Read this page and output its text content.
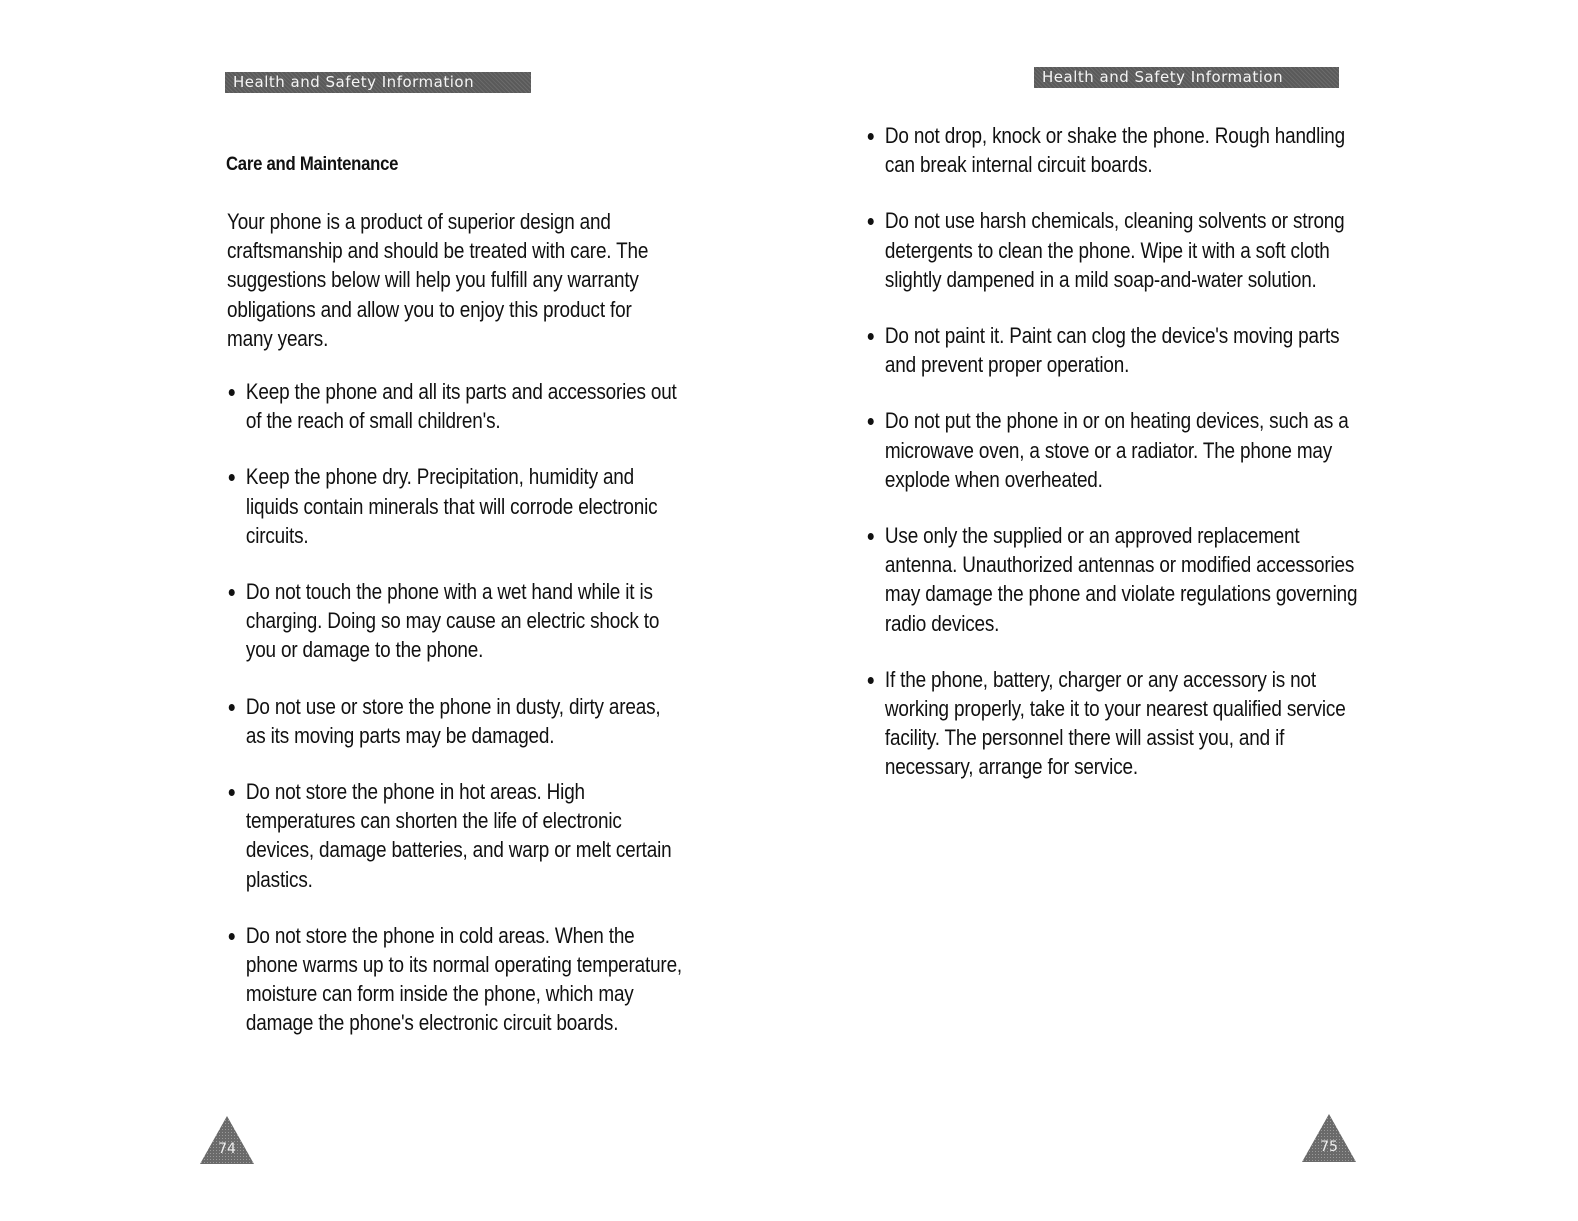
Health and Safety Information
Care and Maintenance

Your phone is a product of superior design and craftsmanship and should be treated with care. The suggestions below will help you fulfill any warranty obligations and allow you to enjoy this product for many years.

Keep the phone and all its parts and accessories out of the reach of small children's.
Keep the phone dry. Precipitation, humidity and liquids contain minerals that will corrode electronic circuits.
Do not touch the phone with a wet hand while it is charging. Doing so may cause an electric shock to you or damage to the phone.
Do not use or store the phone in dusty, dirty areas, as its moving parts may be damaged.
Do not store the phone in hot areas. High temperatures can shorten the life of electronic devices, damage batteries, and warp or melt certain plastics.
Do not store the phone in cold areas. When the phone warms up to its normal operating temperature, moisture can form inside the phone, which may damage the phone's electronic circuit boards.
74
Health and Safety Information
Do not drop, knock or shake the phone. Rough handling can break internal circuit boards.
Do not use harsh chemicals, cleaning solvents or strong detergents to clean the phone. Wipe it with a soft cloth slightly dampened in a mild soap-and-water solution.
Do not paint it. Paint can clog the device's moving parts and prevent proper operation.
Do not put the phone in or on heating devices, such as a microwave oven, a stove or a radiator. The phone may explode when overheated.
Use only the supplied or an approved replacement antenna. Unauthorized antennas or modified accessories may damage the phone and violate regulations governing radio devices.
If the phone, battery, charger or any accessory is not working properly, take it to your nearest qualified service facility. The personnel there will assist you, and if necessary, arrange for service.
75
